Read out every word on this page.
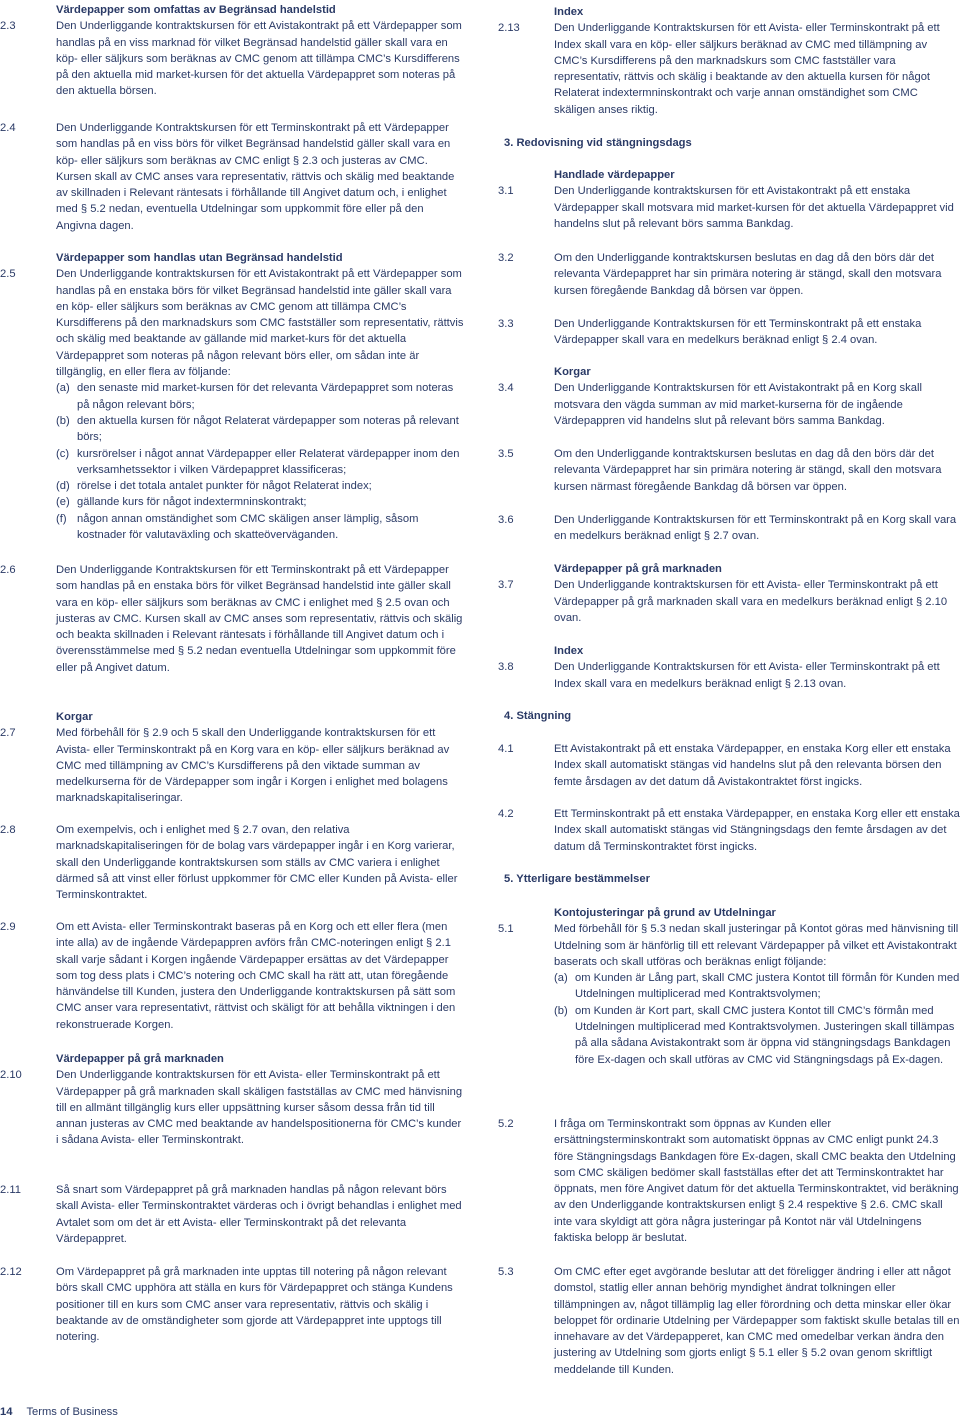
Värdepapper som omfattas av Begränsad handelstid
2.3	Den Underliggande kontraktskursen för ett Avistakontrakt på ett Värdepapper som handlas på en viss marknad för vilket Begränsad handelstid gäller skall vara en köp- eller säljkurs som beräknas av CMC genom att tillämpa CMC’s Kursdifferens på den aktuella mid market-kursen för det aktuella Värdepappret som noteras på den aktuella börsen.
2.4	Den Underliggande Kontraktskursen för ett Terminskontrakt på ett Värdepapper som handlas på en viss börs för vilket Begränsad handelstid gäller skall vara en köp- eller säljkurs som beräknas av CMC enligt § 2.3 och justeras av CMC. Kursen skall av CMC anses vara representativ, rättvis och skälig med beaktande av skillnaden i Relevant räntesats i förhållande till Angivet datum och, i enlighet med § 5.2 nedan, eventuella Utdelningar som uppkommit före eller på den Angivna dagen.
Värdepapper som handlas utan Begränsad handelstid
2.5	Den Underliggande kontraktskursen för ett Avistakontrakt på ett Värdepapper som handlas på en enstaka börs för vilket Begränsad handelstid inte gäller skall vara en köp- eller säljkurs som beräknas av CMC genom att tillämpa CMC’s Kursdifferens på den marknadskurs som CMC fastställer som representativ, rättvis och skälig med beaktande av gällande mid market-kurs för det aktuella Värdepappret som noteras på någon relevant börs eller, om sådan inte är tillgänglig, en eller flera av följande:
(a) den senaste mid market-kursen för det relevanta Värdepappret som noteras på någon relevant börs;
(b) den aktuella kursen för något Relaterat värdepapper som noteras på relevant börs;
(c) kursrörelser i något annat Värdepapper eller Relaterat värdepapper inom den verksamhetssektor i vilken Värdepappret klassificeras;
(d) rörelse i det totala antalet punkter för något Relaterat index;
(e) gällande kurs för något indextermninskontrakt;
(f) någon annan omständighet som CMC skäligen anser lämplig, såsom kostnader för valutaväxling och skatteöverväganden.
2.6	Den Underliggande Kontraktskursen för ett Terminskontrakt på ett Värdepapper som handlas på en enstaka börs för vilket Begränsad handelstid inte gäller skall vara en köp- eller säljkurs som beräknas av CMC i enlighet med § 2.5 ovan och justeras av CMC. Kursen skall av CMC anses som representativ, rättvis och skälig och beakta skillnaden i Relevant räntesats i förhållande till Angivet datum och i överensstämmelse med § 5.2 nedan eventuella Utdelningar som uppkommit före eller på Angivet datum.
Korgar
2.7	Med förbehåll för § 2.9 och 5 skall den Underliggande kontraktskursen för ett Avista- eller Terminskontrakt på en Korg vara en köp- eller säljkurs beräknad av CMC med tillämpning av CMC’s Kursdifferens på den viktade summan av medelkurserna för de Värdepapper som ingår i Korgen i enlighet med bolagens marknadskapitaliseringar.
2.8	Om exempelvis, och i enlighet med § 2.7 ovan, den relativa marknadskapitaliseringen för de bolag vars värdepapper ingår i en Korg varierar, skall den Underliggande kontraktskursen som ställs av CMC variera i enlighet därmed så att vinst eller förlust uppkommer för CMC eller Kunden på Avista- eller Terminskontraktet.
2.9	Om ett Avista- eller Terminskontrakt baseras på en Korg och ett eller flera (men inte alla) av de ingående Värdepappren avförs från CMC-noteringen enligt § 2.1 skall varje sådant i Korgen ingående Värdepapper ersättas av det Värdepapper som tog dess plats i CMC’s notering och CMC skall ha rätt att, utan föregående hänvändelse till Kunden, justera den Underliggande kontraktskursen på sätt som CMC anser vara representativt, rättvist och skäligt för att behålla viktningen i den rekonstruerade Korgen.
Värdepapper på grå marknaden
2.10	Den Underliggande kontraktskursen för ett Avista- eller Terminskontrakt på ett Värdepapper på grå marknaden skall skäligen fastställas av CMC med hänvisning till en allmänt tillgänglig kurs eller uppsättning kurser såsom dessa från tid till annan justeras av CMC med beaktande av handelspositionerna för CMC’s kunder i sådana Avista- eller Terminskontrakt.
2.11	Så snart som Värdepappret på grå marknaden handlas på någon relevant börs skall Avista- eller Terminskontraktet värderas och i övrigt behandlas i enlighet med Avtalet som om det är ett Avista- eller Terminskontrakt på det relevanta Värdepappret.
2.12	Om Värdepappret på grå marknaden inte upptas till notering på någon relevant börs skall CMC upphöra att ställa en kurs för Värdepappret och stänga Kundens positioner till en kurs som CMC anser vara representativ, rättvis och skälig i beaktande av de omständigheter som gjorde att Värdepappret inte upptogs till notering.
Index
2.13	Den Underliggande Kontraktskursen för ett Avista- eller Terminskontrakt på ett Index skall vara en köp- eller säljkurs beräknad av CMC med tillämpning av CMC’s Kursdifferens på den marknadskurs som CMC fastställer vara representativ, rättvis och skälig i beaktande av den aktuella kursen för något Relaterat indextermninskontrakt och varje annan omständighet som CMC skäligen anses riktig.
3. Redovisning vid stängningsdags
Handlade värdepapper
3.1	Den Underliggande kontraktskursen för ett Avistakontrakt på ett enstaka Värdepapper skall motsvara mid market-kursen för det aktuella Värdepappret vid handelns slut på relevant börs samma Bankdag.
3.2	Om den Underliggande kontraktskursen beslutas en dag då den börs där det relevanta Värdepappret har sin primära notering är stängd, skall den motsvara kursen föregående Bankdag då börsen var öppen.
3.3	Den Underliggande Kontraktskursen för ett Terminskontrakt på ett enstaka Värdepapper skall vara en medelkurs beräknad enligt § 2.4 ovan.
Korgar
3.4	Den Underliggande Kontraktskursen för ett Avistakontrakt på en Korg skall motsvara den vägda summan av mid market-kurserna för de ingående Värdepappren vid handelns slut på relevant börs samma Bankdag.
3.5	Om den Underliggande kontraktskursen beslutas en dag då den börs där det relevanta Värdepappret har sin primära notering är stängd, skall den motsvara kursen närmast föregående Bankdag då börsen var öppen.
3.6	Den Underliggande Kontraktskursen för ett Terminskontrakt på en Korg skall vara en medelkurs beräknad enligt § 2.7 ovan.
Värdepapper på grå marknaden
3.7	Den Underliggande kontraktskursen för ett Avista- eller Terminskontrakt på ett Värdepapper på grå marknaden skall vara en medelkurs beräknad enligt § 2.10 ovan.
Index
3.8	Den Underliggande Kontraktskursen för ett Avista- eller Terminskontrakt på ett Index skall vara en medelkurs beräknad enligt § 2.13 ovan.
4. Stängning
4.1	Ett Avistakontrakt på ett enstaka Värdepapper, en enstaka Korg eller ett enstaka Index skall automatiskt stängas vid handelns slut på den relevanta börsen den femte årsdagen av det datum då Avistakontraktet först ingicks.
4.2	Ett Terminskontrakt på ett enstaka Värdepapper, en enstaka Korg eller ett enstaka Index skall automatiskt stängas vid Stängningsdags den femte årsdagen av det datum då Terminskontraktet först ingicks.
5. Ytterligare bestämmelser
Kontojusteringar på grund av Utdelningar
5.1	Med förbehåll för § 5.3 nedan skall justeringar på Kontot göras med hänvisning till Utdelning som är hänförlig till ett relevant Värdepapper på vilket ett Avistakontrakt baserats och skall utföras och beräknas enligt följande:
(a) om Kunden är Lång part, skall CMC justera Kontot till förmån för Kunden med Utdelningen multiplicerad med Kontraktsvolymen;
(b) om Kunden är Kort part, skall CMC justera Kontot till CMC’s förmån med Utdelningen multiplicerad med Kontraktsvolymen. Justeringen skall tillämpas på alla sådana Avistakontrakt som är öppna vid stängningsdags Bankdagen före Ex-dagen och skall utföras av CMC vid Stängningsdags på Ex-dagen.
5.2	I fråga om Terminskontrakt som öppnas av Kunden eller ersättningsterminskontrakt som automatiskt öppnas av CMC enligt punkt 24.3 före Stängningsdags Bankdagen före Ex-dagen, skall CMC beakta den Utdelning som CMC skäligen bedömer skall fastställas efter det att Terminskontraktet har öppnats, men före Angivet datum för det aktuella Terminskontraktet, vid beräkning av den Underliggande kontraktskursen enligt § 2.4 respektive § 2.6. CMC skall inte vara skyldigt att göra några justeringar på Kontot när väl Utdelningens faktiska belopp är beslutat.
5.3	Om CMC efter eget avgörande beslutar att det föreligger ändring i eller att något domstol, statlig eller annan behörig myndighet ändrat tolkningen eller tillämpningen av, något tillämplig lag eller förordning och detta minskar eller ökar beloppet för ordinarie Utdelning per Värdepapper som faktiskt skulle betalas till en innehavare av det Värdepapperet, kan CMC med omedelbar verkan ändra den justering av Utdelning som gjorts enligt § 5.1 eller § 5.2 ovan genom skriftligt meddelande till Kunden.
14 Terms of Business
